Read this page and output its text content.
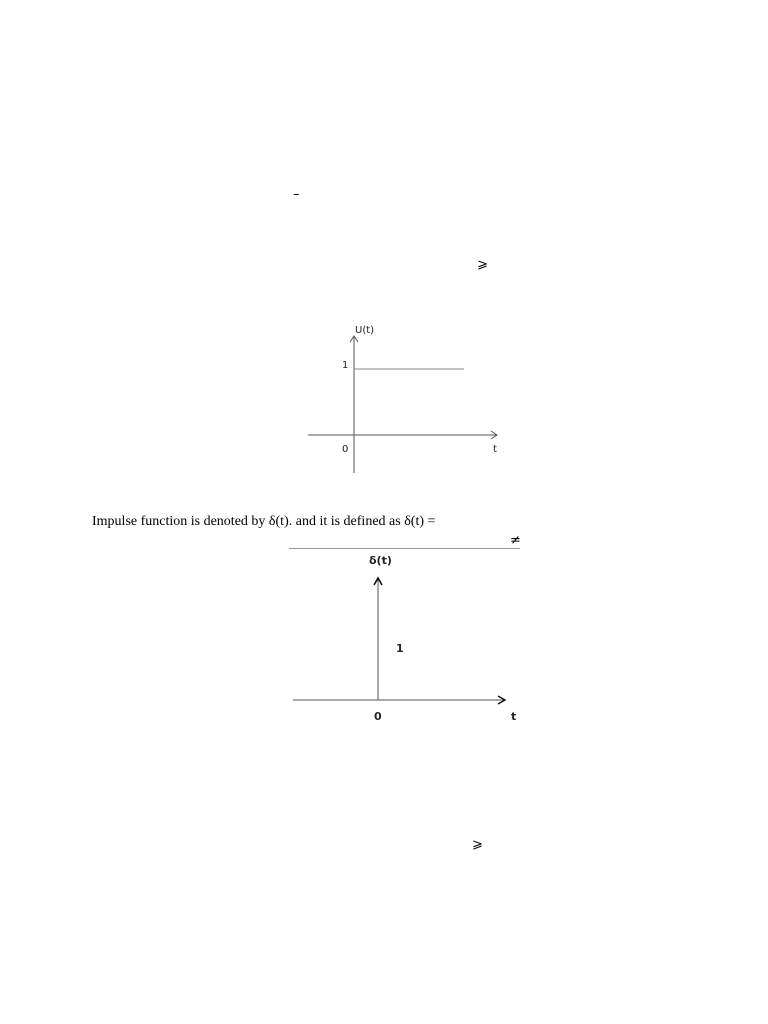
–
⩾
U(t)
1
0	t
Impulse function is denoted by δ(t). and it is defined as δ(t) =
≠
δ(t)
1
0	t
⩾
